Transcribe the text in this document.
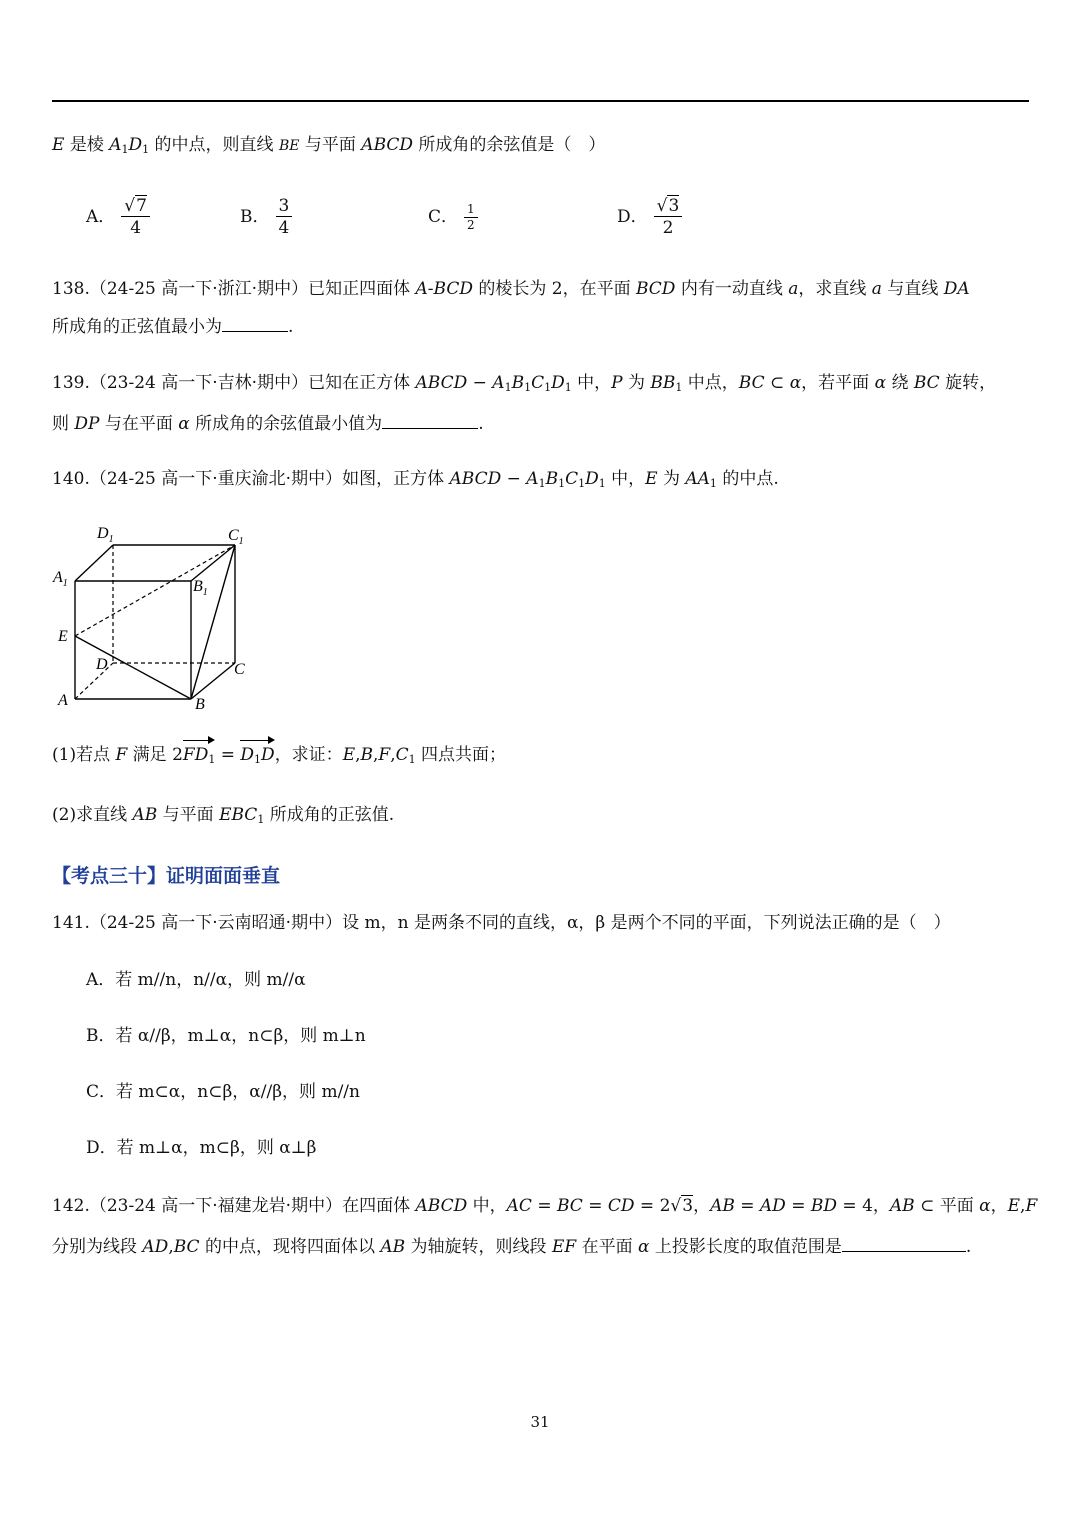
E 是棱 $A_1D_1$ 的中点，则直线 BE 与平面 ABCD 所成角的余弦值是（　）
A． $\frac{√7}{4}$	B． $\frac{3}{4}$	C． $\frac{1}{2}$	D． $\frac{√3}{2}$
138.（24-25 高一下·浙江·期中）已知正四面体 A-BCD 的棱长为 2，在平面 BCD 内有一动直线 a，求直线 a 与直线 DA
所成角的正弦值最小为	.
139.（23-24 高一下·吉林·期中）已知在正方体 ABCD − $A_1B_1C_1D_1$ 中，P 为 $BB_1$ 中点，BC ⊂ α，若平面 α 绕 BC 旋转，
则 DP 与在平面 α 所成角的余弦值最小值为	.
140.（24-25 高一下·重庆渝北·期中）如图，正方体 ABCD − $A_1B_1C_1D_1$ 中，E 为 $AA_1$ 的中点.
$D_1$	$C_1$
$A_1$	$B_1$
E
D	C
A	B
(1)若点 F 满足 $2FD_1 = D_1D$，求证：$E,B,F,C_1$ 四点共面；
(2)求直线 AB 与平面 $EBC_1$ 所成角的正弦值.
【考点三十】证明面面垂直
141.（24-25 高一下·云南昭通·期中）设 m，n 是两条不同的直线，α，β 是两个不同的平面，下列说法正确的是（　）
A．若 m//n，n//α，则 m//α
B．若 α//β，m⊥α，n⊂β，则 m⊥n
C．若 m⊂α，n⊂β，α//β，则 m//n
D．若 m⊥α，m⊂β，则 α⊥β
142.（23-24 高一下·福建龙岩·期中）在四面体 ABCD 中，AC = BC = CD = 2√3，AB = AD = BD = 4，AB ⊂ 平面 α，E,F
分别为线段 AD,BC 的中点，现将四面体以 AB 为轴旋转，则线段 EF 在平面 α 上投影长度的取值范围是	.
31
